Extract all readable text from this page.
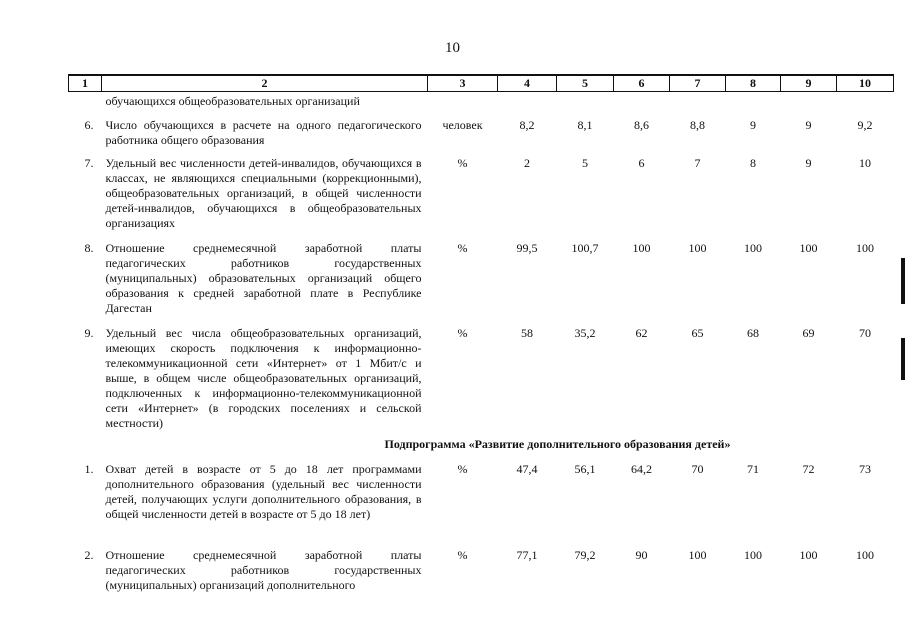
10
1	2	3	4	5	6	7	8	9	10
	обучающихся общеобразовательных организаций								
6.	Число обучающихся в расчете на одного педагогического работника общего образования	человек	8,2	8,1	8,6	8,8	9	9	9,2
7.	Удельный вес численности детей-инвалидов, обучающихся в классах, не являющихся специальными (коррекционными), общеобразовательных организаций, в общей численности детей-инвалидов, обучающихся в общеобразовательных организациях	%	2	5	6	7	8	9	10
8.	Отношение среднемесячной заработной платы педагогических работников государственных (муниципальных) образовательных организаций общего образования к средней заработной плате в Республике Дагестан	%	99,5	100,7	100	100	100	100	100
9.	Удельный вес числа общеобразовательных организаций, имеющих скорость подключения к информационно-телекоммуникационной сети «Интернет» от 1 Мбит/с и выше, в общем числе общеобразовательных организаций, подключенных к информационно-телекоммуникационной сети «Интернет» (в городских поселениях и сельской местности)	%	58	35,2	62	65	68	69	70
	Подпрограмма «Развитие дополнительного образования детей»								
1.	Охват детей в возрасте от 5 до 18 лет программами дополнительного образования (удельный вес численности детей, получающих услуги дополнительного образования, в общей численности детей в возрасте от 5 до 18 лет)	%	47,4	56,1	64,2	70	71	72	73
2.	Отношение среднемесячной заработной платы педагогических работников государственных (муниципальных) организаций дополнительного	%	77,1	79,2	90	100	100	100	100
